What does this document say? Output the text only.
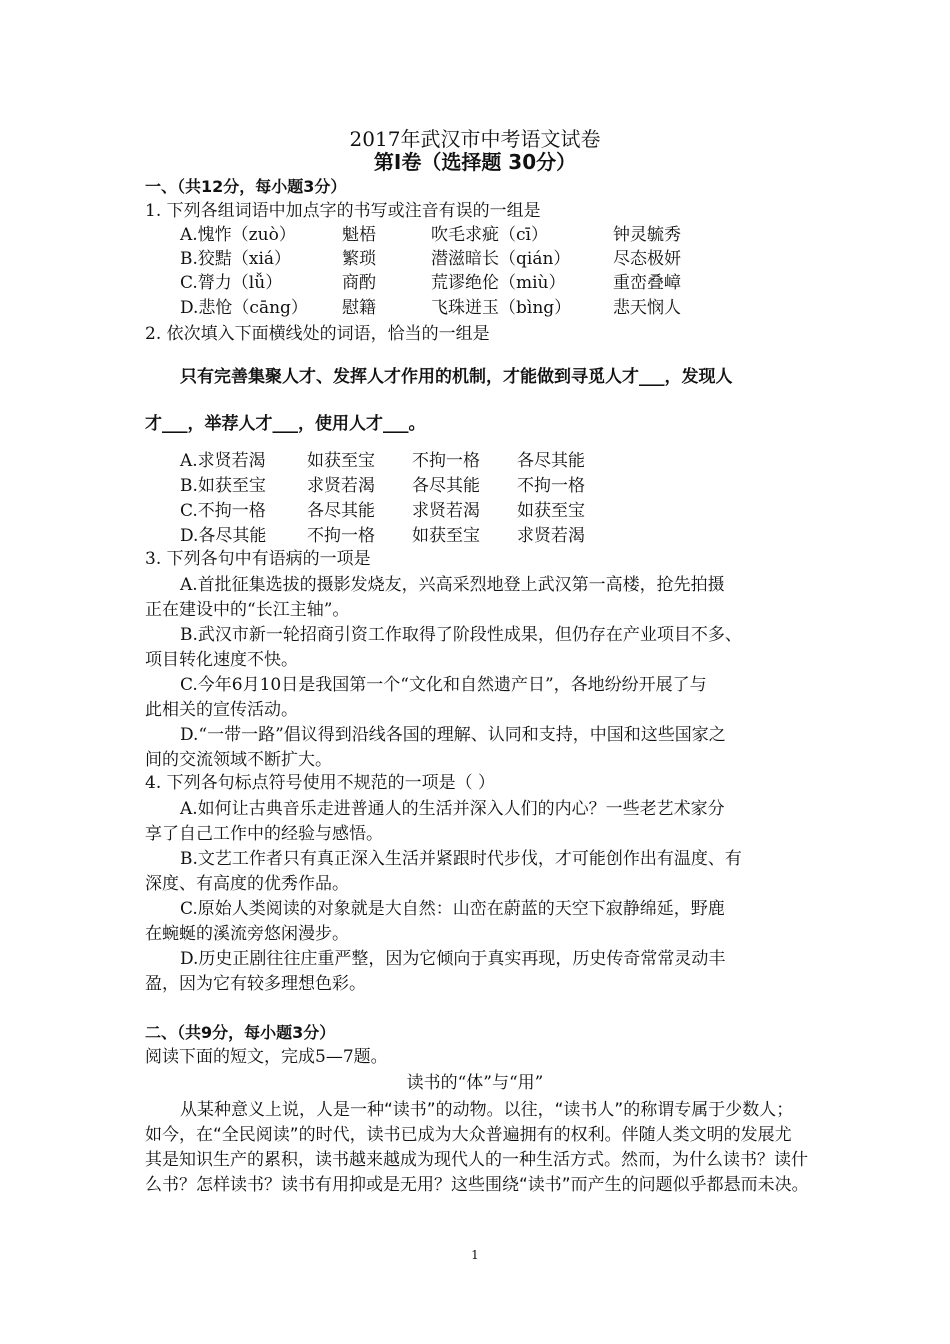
2017年武汉市中考语文试卷
第Ⅰ卷（选择题 30分）
一、（共12分，每小题3分）
1. 下列各组词语中加点字的书写或注音有误的一组是
A.愧怍（zuò）	魁梧	吹毛求疵（cī）	钟灵毓秀
B.狡黠（xiá）	繁琐	潜滋暗长（qián）	尽态极妍
C.膂力（lǚ）	商酌	荒谬绝伦（miù）	重峦叠嶂
D.悲怆（cāng） 慰籍	飞珠迸玉（bìng） 悲天悯人
2. 依次填入下面横线处的词语，恰当的一组是
只有完善集聚人才、发挥人才作用的机制，才能做到寻觅人才___，发现人
才___，举荐人才___，使用人才___。
A.求贤若渴 如获至宝 不拘一格 各尽其能
B.如获至宝 求贤若渴 各尽其能 不拘一格
C.不拘一格 各尽其能 求贤若渴 如获至宝
D.各尽其能 不拘一格 如获至宝 求贤若渴
3. 下列各句中有语病的一项是
A.首批征集选拔的摄影发烧友，兴高采烈地登上武汉第一高楼，抢先拍摄
正在建设中的“长江主轴”。
B.武汉市新一轮招商引资工作取得了阶段性成果，但仍存在产业项目不多、
项目转化速度不快。
C.今年6月10日是我国第一个“文化和自然遗产日”，各地纷纷开展了与
此相关的宣传活动。
D.“一带一路”倡议得到沿线各国的理解、认同和支持，中国和这些国家之
间的交流领域不断扩大。
4. 下列各句标点符号使用不规范的一项是（ ）
A.如何让古典音乐走进普通人的生活并深入人们的内心？一些老艺术家分
享了自己工作中的经验与感悟。
B.文艺工作者只有真正深入生活并紧跟时代步伐，才可能创作出有温度、有
深度、有高度的优秀作品。
C.原始人类阅读的对象就是大自然：山峦在蔚蓝的天空下寂静绵延，野鹿
在蜿蜒的溪流旁悠闲漫步。
D.历史正剧往往庄重严整，因为它倾向于真实再现，历史传奇常常灵动丰
盈，因为它有较多理想色彩。
二、（共9分，每小题3分）
阅读下面的短文，完成5—7题。
读书的“体”与“用”
从某种意义上说，人是一种“读书”的动物。以往，“读书人”的称谓专属于少数人；
如今，在“全民阅读”的时代，读书已成为大众普遍拥有的权利。伴随人类文明的发展尤
其是知识生产的累积，读书越来越成为现代人的一种生活方式。然而，为什么读书？读什
么书？怎样读书？读书有用抑或是无用？这些围绕“读书”而产生的问题似乎都悬而未决。
1
